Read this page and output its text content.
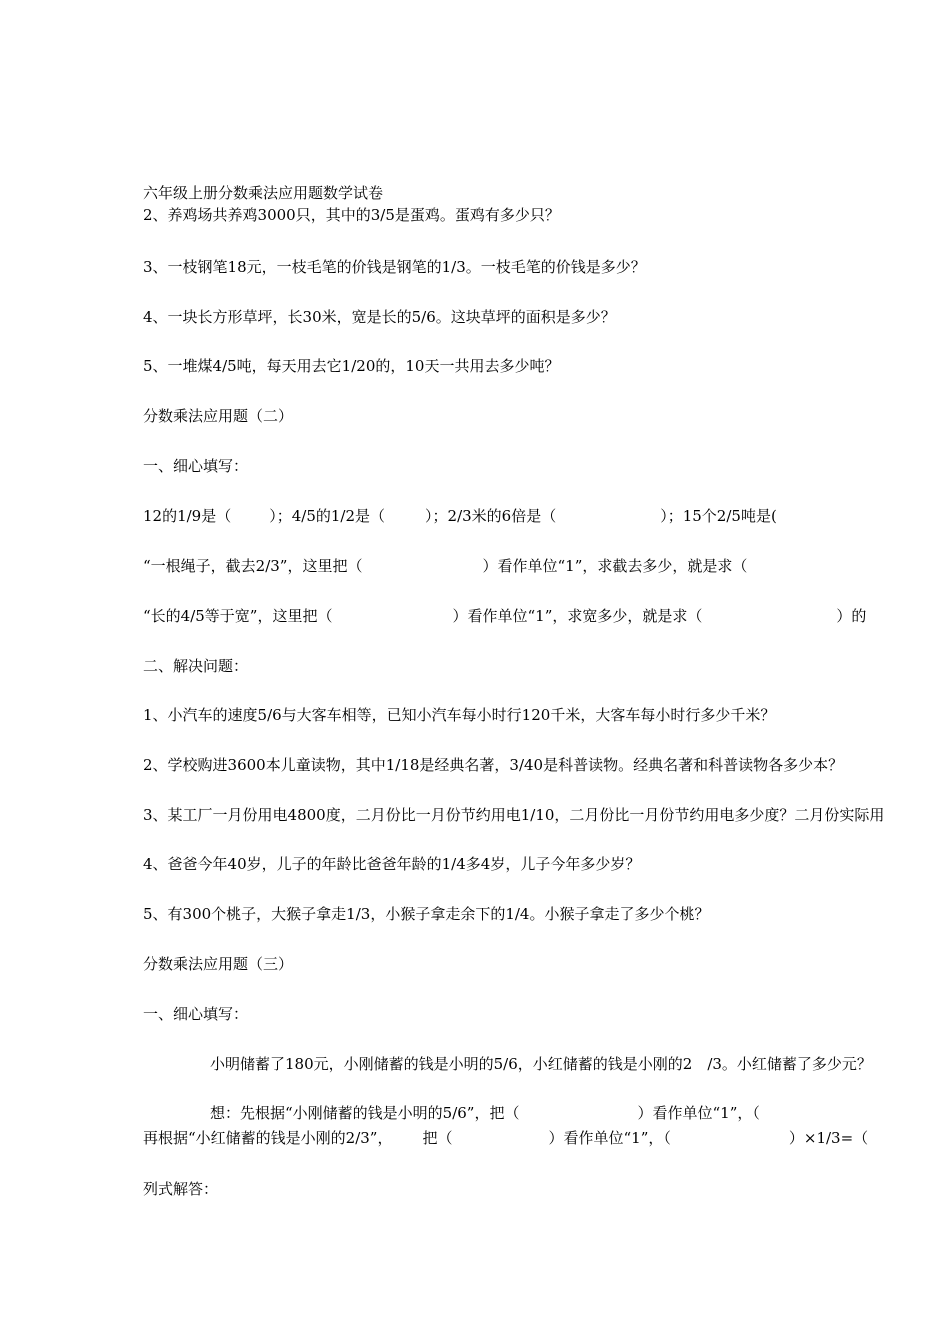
六年级上册分数乘法应用题数学试卷
2、养鸡场共养鸡3000只，其中的3/5是蛋鸡。蛋鸡有多少只？
3、一枝钢笔18元，一枝毛笔的价钱是钢笔的1/3。一枝毛笔的价钱是多少？
4、一块长方形草坪，长30米，宽是长的5/6。这块草坪的面积是多少？
5、一堆煤4/5吨，每天用去它1/20的，10天一共用去多少吨？
分数乘法应用题（二）
一、细心填写：
12的1/9是（	）；4/5的1/2是（	）；2/3米的6倍是（	）；15个2/5吨是(
“一根绳子，截去2/3”，这里把（	）看作单位“1”，求截去多少，就是求（
“长的4/5等于宽”，这里把（	）看作单位“1”，求宽多少，就是求（	）的
二、解决问题：
1、小汽车的速度5/6与大客车相等，已知小汽车每小时行120千米，大客车每小时行多少千米？
2、学校购进3600本儿童读物，其中1/18是经典名著，3/40是科普读物。经典名著和科普读物各多少本？
3、某工厂一月份用电4800度，二月份比一月份节约用电1/10，二月份比一月份节约用电多少度？二月份实际用
4、爸爸今年40岁，儿子的年龄比爸爸年龄的1/4多4岁，儿子今年多少岁？
5、有300个桃子，大猴子拿走1/3，小猴子拿走余下的1/4。小猴子拿走了多少个桃？
分数乘法应用题（三）
一、细心填写：
小明储蓄了180元，小刚储蓄的钱是小明的5/6，小红储蓄的钱是小刚的2　/3。小红储蓄了多少元？
想：先根据“小刚储蓄的钱是小明的5/6”，把（	）看作单位“1”，（
再根据“小红储蓄的钱是小刚的2/3”， 把（	）看作单位“1”，（	）×1/3=（
列式解答：
